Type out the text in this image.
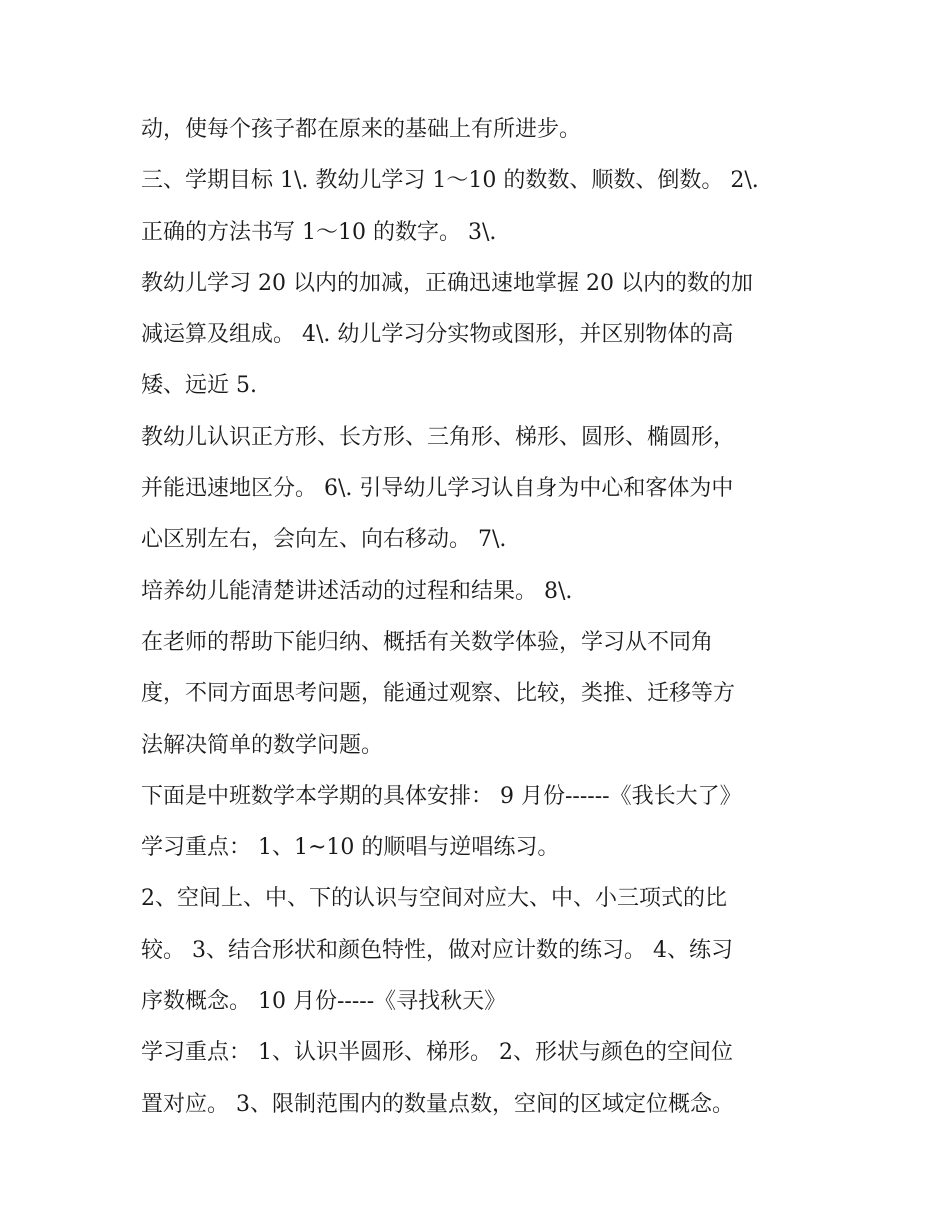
动，使每个孩子都在原来的基础上有所进步。
三、学期目标 1\. 教幼儿学习 1～10 的数数、顺数、倒数。 2\.
正确的方法书写 1～10 的数字。 3\.
教幼儿学习 20 以内的加减，正确迅速地掌握 20 以内的数的加
减运算及组成。 4\. 幼儿学习分实物或图形，并区别物体的高
矮、远近 5.
教幼儿认识正方形、长方形、三角形、梯形、圆形、椭圆形，
并能迅速地区分。 6\. 引导幼儿学习认自身为中心和客体为中
心区别左右，会向左、向右移动。 7\.
培养幼儿能清楚讲述活动的过程和结果。 8\.
在老师的帮助下能归纳、概括有关数学体验，学习从不同角
度，不同方面思考问题，能通过观察、比较，类推、迁移等方
法解决简单的数学问题。
下面是中班数学本学期的具体安排： 9 月份------《我长大了》
学习重点： 1、1~10 的顺唱与逆唱练习。
2、空间上、中、下的认识与空间对应大、中、小三项式的比
较。 3、结合形状和颜色特性，做对应计数的练习。 4、练习
序数概念。 10 月份-----《寻找秋天》
学习重点： 1、认识半圆形、梯形。 2、形状与颜色的空间位
置对应。 3、限制范围内的数量点数，空间的区域定位概念。
